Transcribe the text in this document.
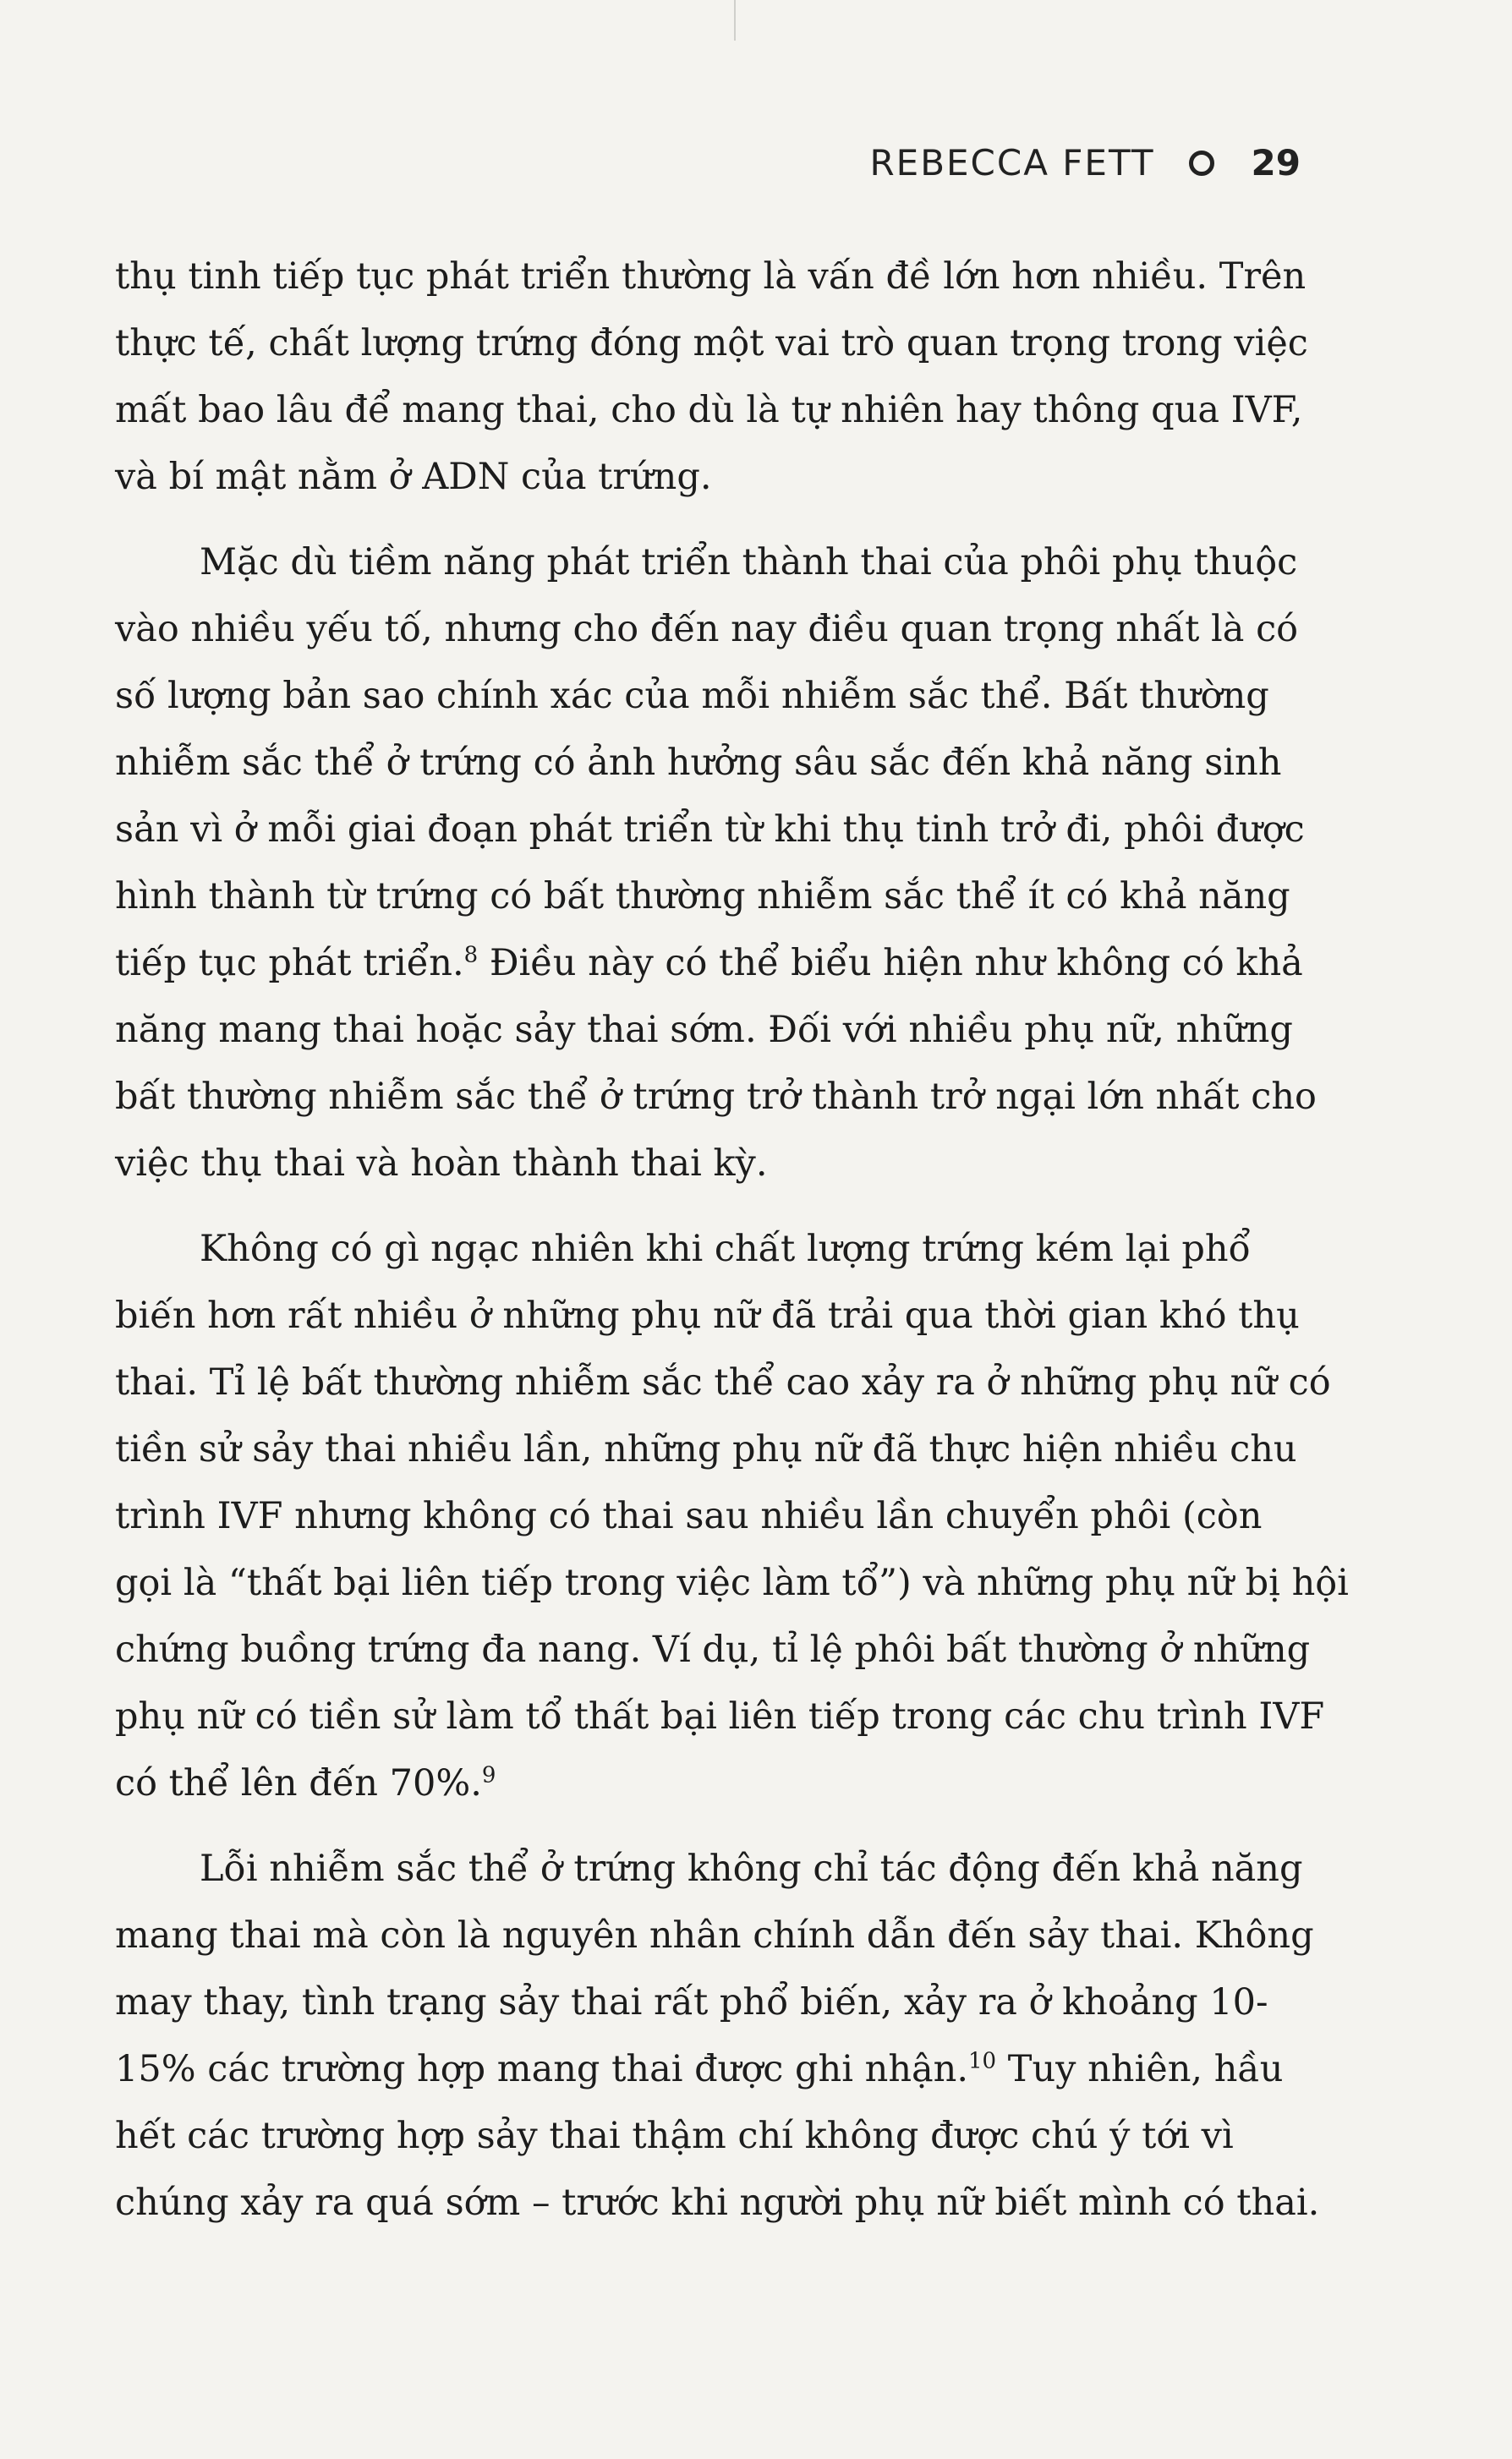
REBECCA FETT	29

thụ tinh tiếp tục phát triển thường là vấn đề lớn hơn nhiều. Trên
thực tế, chất lượng trứng đóng một vai trò quan trọng trong việc
mất bao lâu để mang thai, cho dù là tự nhiên hay thông qua IVF,
và bí mật nằm ở ADN của trứng.

Mặc dù tiềm năng phát triển thành thai của phôi phụ thuộc
vào nhiều yếu tố, nhưng cho đến nay điều quan trọng nhất là có
số lượng bản sao chính xác của mỗi nhiễm sắc thể. Bất thường
nhiễm sắc thể ở trứng có ảnh hưởng sâu sắc đến khả năng sinh
sản vì ở mỗi giai đoạn phát triển từ khi thụ tinh trở đi, phôi được
hình thành từ trứng có bất thường nhiễm sắc thể ít có khả năng
tiếp tục phát triển.$^8$ Điều này có thể biểu hiện như không có khả
năng mang thai hoặc sảy thai sớm. Đối với nhiều phụ nữ, những
bất thường nhiễm sắc thể ở trứng trở thành trở ngại lớn nhất cho
việc thụ thai và hoàn thành thai kỳ.

Không có gì ngạc nhiên khi chất lượng trứng kém lại phổ
biến hơn rất nhiều ở những phụ nữ đã trải qua thời gian khó thụ
thai. Tỉ lệ bất thường nhiễm sắc thể cao xảy ra ở những phụ nữ có
tiền sử sảy thai nhiều lần, những phụ nữ đã thực hiện nhiều chu
trình IVF nhưng không có thai sau nhiều lần chuyển phôi (còn
gọi là “thất bại liên tiếp trong việc làm tổ”) và những phụ nữ bị hội
chứng buồng trứng đa nang. Ví dụ, tỉ lệ phôi bất thường ở những
phụ nữ có tiền sử làm tổ thất bại liên tiếp trong các chu trình IVF
có thể lên đến 70%.$^9$

Lỗi nhiễm sắc thể ở trứng không chỉ tác động đến khả năng
mang thai mà còn là nguyên nhân chính dẫn đến sảy thai. Không
may thay, tình trạng sảy thai rất phổ biến, xảy ra ở khoảng 10-
15% các trường hợp mang thai được ghi nhận.$^{10}$ Tuy nhiên, hầu
hết các trường hợp sảy thai thậm chí không được chú ý tới vì
chúng xảy ra quá sớm – trước khi người phụ nữ biết mình có thai.
